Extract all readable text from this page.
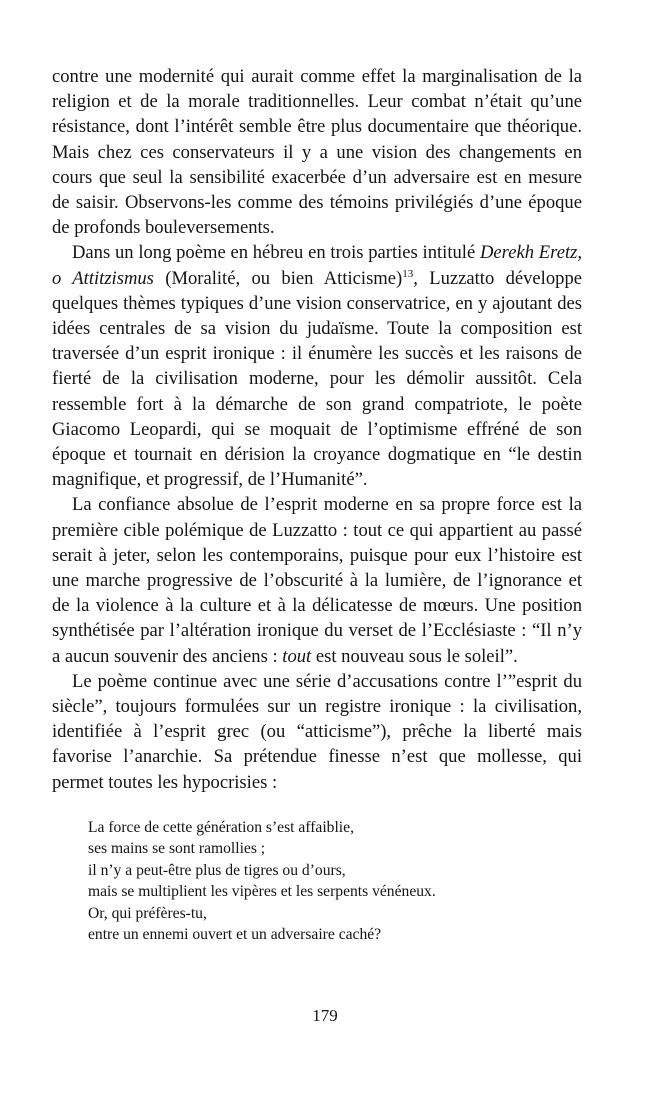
contre une modernité qui aurait comme effet la marginalisation de la religion et de la morale traditionnelles. Leur combat n’était qu’une résistance, dont l’intérêt semble être plus documentaire que théorique. Mais chez ces conservateurs il y a une vision des changements en cours que seul la sensibilité exacerbée d’un adversaire est en mesure de saisir. Observons-les comme des témoins privilégiés d’une époque de profonds bouleversements.

Dans un long poème en hébreu en trois parties intitulé Derekh Eretz, o Attitzismus (Moralité, ou bien Atticisme)$^{13}$, Luzzatto développe quelques thèmes typiques d’une vision conservatrice, en y ajoutant des idées centrales de sa vision du judaïsme. Toute la composition est traversée d’un esprit ironique : il énumère les succès et les raisons de fierté de la civilisation moderne, pour les démolir aussitôt. Cela ressemble fort à la démarche de son grand compatriote, le poète Giacomo Leopardi, qui se moquait de l’optimisme effréné de son époque et tournait en dérision la croyance dogmatique en “le destin magnifique, et progressif, de l’Humanité”.

La confiance absolue de l’esprit moderne en sa propre force est la première cible polémique de Luzzatto : tout ce qui appartient au passé serait à jeter, selon les contemporains, puisque pour eux l’histoire est une marche progressive de l’obscurité à la lumière, de l’ignorance et de la violence à la culture et à la délicatesse de mœurs. Une position synthétisée par l’altération ironique du verset de l’Ecclésiaste : “Il n’y a aucun souvenir des anciens : tout est nouveau sous le soleil”.

Le poème continue avec une série d’accusations contre l’”esprit du siècle”, toujours formulées sur un registre ironique : la civilisation, identifiée à l’esprit grec (ou “atticisme”), prêche la liberté mais favorise l’anarchie. Sa prétendue finesse n’est que mollesse, qui permet toutes les hypocrisies :

La force de cette génération s’est affaiblie,
ses mains se sont ramollies ;
il n’y a peut-être plus de tigres ou d’ours,
mais se multiplient les vipères et les serpents vénéneux.
Or, qui préfères-tu,
entre un ennemi ouvert et un adversaire caché?
179
